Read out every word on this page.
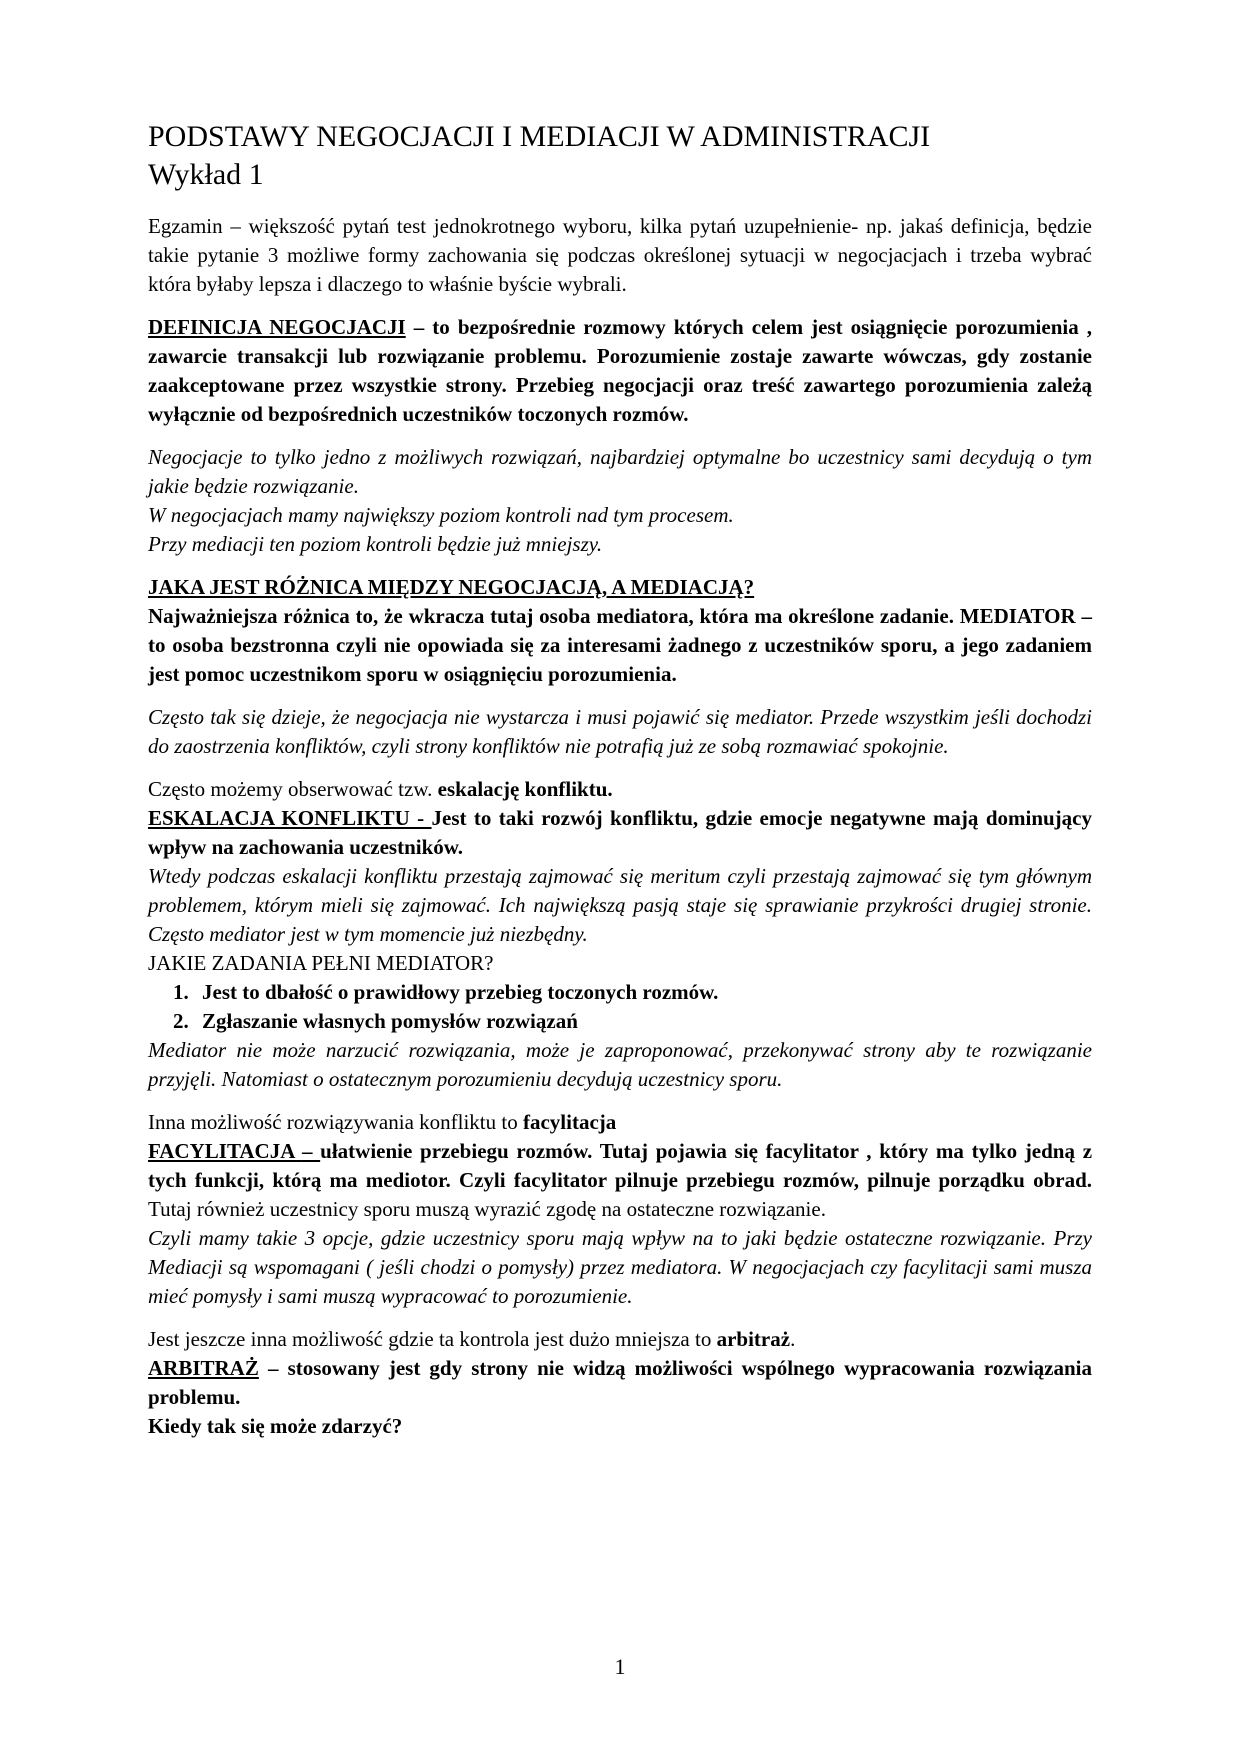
PODSTAWY NEGOCJACJI I MEDIACJI W ADMINISTRACJI
Wykład 1

Egzamin – większość pytań test jednokrotnego wyboru, kilka pytań uzupełnienie- np. jakaś definicja, będzie takie pytanie 3 możliwe formy zachowania się podczas określonej sytuacji w negocjacjach i trzeba wybrać która byłaby lepsza i dlaczego to właśnie byście wybrali.

DEFINICJA NEGOCJACJI – to bezpośrednie rozmowy których celem jest osiągnięcie porozumienia , zawarcie transakcji lub rozwiązanie problemu. Porozumienie zostaje zawarte wówczas, gdy zostanie zaakceptowane przez wszystkie strony. Przebieg negocjacji oraz treść zawartego porozumienia zależą wyłącznie od bezpośrednich uczestników toczonych rozmów.

Negocjacje to tylko jedno z możliwych rozwiązań, najbardziej optymalne bo uczestnicy sami decydują o tym jakie będzie rozwiązanie.

W negocjacjach mamy największy poziom kontroli nad tym procesem.

Przy mediacji ten poziom kontroli będzie już mniejszy.

JAKA JEST RÓŻNICA MIĘDZY NEGOCJACJĄ, A MEDIACJĄ?

Najważniejsza różnica to, że wkracza tutaj osoba mediatora, która ma określone zadanie. MEDIATOR – to osoba bezstronna czyli nie opowiada się za interesami żadnego z uczestników sporu, a jego zadaniem jest pomoc uczestnikom sporu w osiągnięciu porozumienia.

Często tak się dzieje, że negocjacja nie wystarcza i musi pojawić się mediator. Przede wszystkim jeśli dochodzi do zaostrzenia konfliktów, czyli strony konfliktów nie potrafią już ze sobą rozmawiać spokojnie.

Często możemy obserwować tzw. eskalację konfliktu.

ESKALACJA KONFLIKTU - Jest to taki rozwój konfliktu, gdzie emocje negatywne mają dominujący wpływ na zachowania uczestników.

Wtedy podczas eskalacji konfliktu przestają zajmować się meritum czyli przestają zajmować się tym głównym problemem, którym mieli się zajmować. Ich największą pasją staje się sprawianie przykrości drugiej stronie. Często mediator jest w tym momencie już niezbędny.

JAKIE ZADANIA PEŁNI MEDIATOR?

1. Jest to dbałość o prawidłowy przebieg toczonych rozmów.
2. Zgłaszanie własnych pomysłów rozwiązań

Mediator nie może narzucić rozwiązania, może je zaproponować, przekonywać strony aby te rozwiązanie przyjęli. Natomiast o ostatecznym porozumieniu decydują uczestnicy sporu.

Inna możliwość rozwiązywania konfliktu to facylitacja

FACYLITACJA – ułatwienie przebiegu rozmów. Tutaj pojawia się facylitator , który ma tylko jedną z tych funkcji, którą ma mediotor. Czyli facylitator pilnuje przebiegu rozmów, pilnuje porządku obrad. Tutaj również uczestnicy sporu muszą wyrazić zgodę na ostateczne rozwiązanie.

Czyli mamy takie 3 opcje, gdzie uczestnicy sporu mają wpływ na to jaki będzie ostateczne rozwiązanie. Przy Mediacji są wspomagani ( jeśli chodzi o pomysły) przez mediatora. W negocjacjach czy facylitacji sami musza mieć pomysły i sami muszą wypracować to porozumienie.

Jest jeszcze inna możliwość gdzie ta kontrola jest dużo mniejsza to arbitraż.

ARBITRAŻ – stosowany jest gdy strony nie widzą możliwości wspólnego wypracowania rozwiązania problemu.

Kiedy tak się może zdarzyć?

1
